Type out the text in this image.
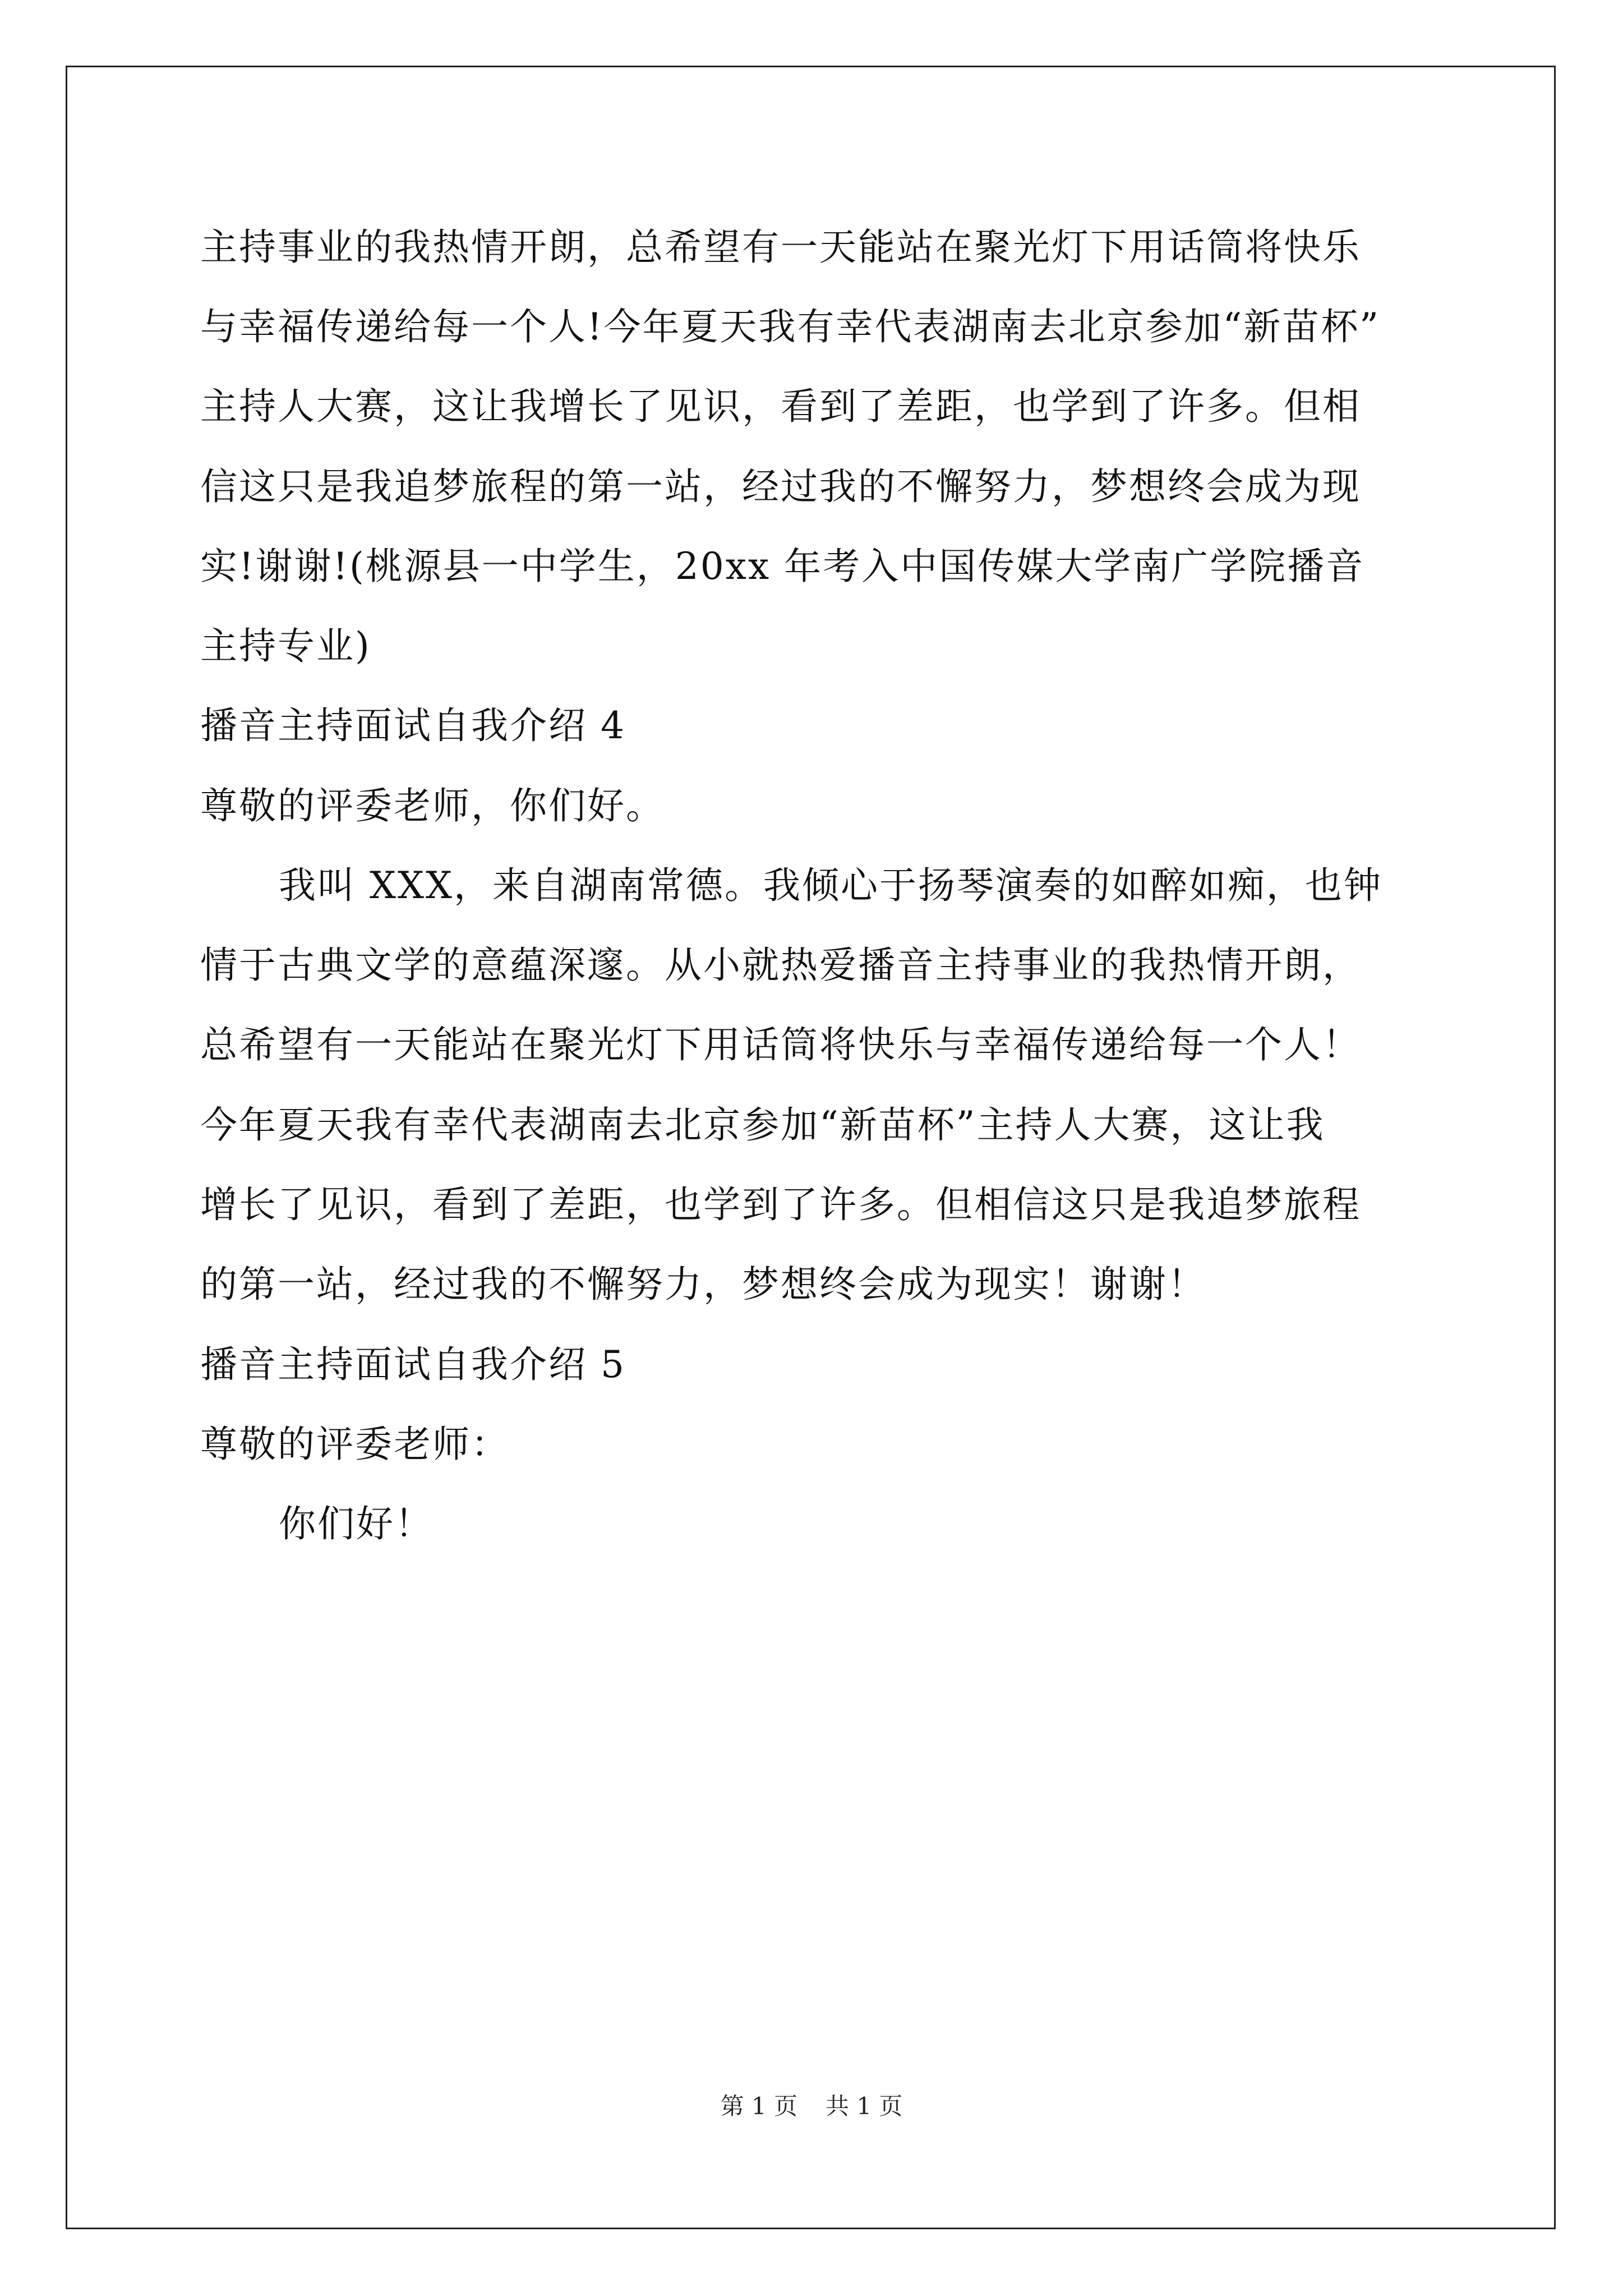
主持事业的我热情开朗，总希望有一天能站在聚光灯下用话筒将快乐
与幸福传递给每一个人!今年夏天我有幸代表湖南去北京参加“新苗杯”
主持人大赛，这让我增长了见识，看到了差距，也学到了许多。但相
信这只是我追梦旅程的第一站，经过我的不懈努力，梦想终会成为现
实!谢谢!(桃源县一中学生，20xx 年考入中国传媒大学南广学院播音
主持专业)
播音主持面试自我介绍 4
尊敬的评委老师，你们好。
我叫 XXX，来自湖南常德。我倾心于扬琴演奏的如醉如痴，也钟
情于古典文学的意蕴深邃。从小就热爱播音主持事业的我热情开朗，
总希望有一天能站在聚光灯下用话筒将快乐与幸福传递给每一个人！
今年夏天我有幸代表湖南去北京参加“新苗杯”主持人大赛，这让我
增长了见识，看到了差距，也学到了许多。但相信这只是我追梦旅程
的第一站，经过我的不懈努力，梦想终会成为现实！谢谢！
播音主持面试自我介绍 5
尊敬的评委老师：
你们好！
第 1 页 共 1 页
